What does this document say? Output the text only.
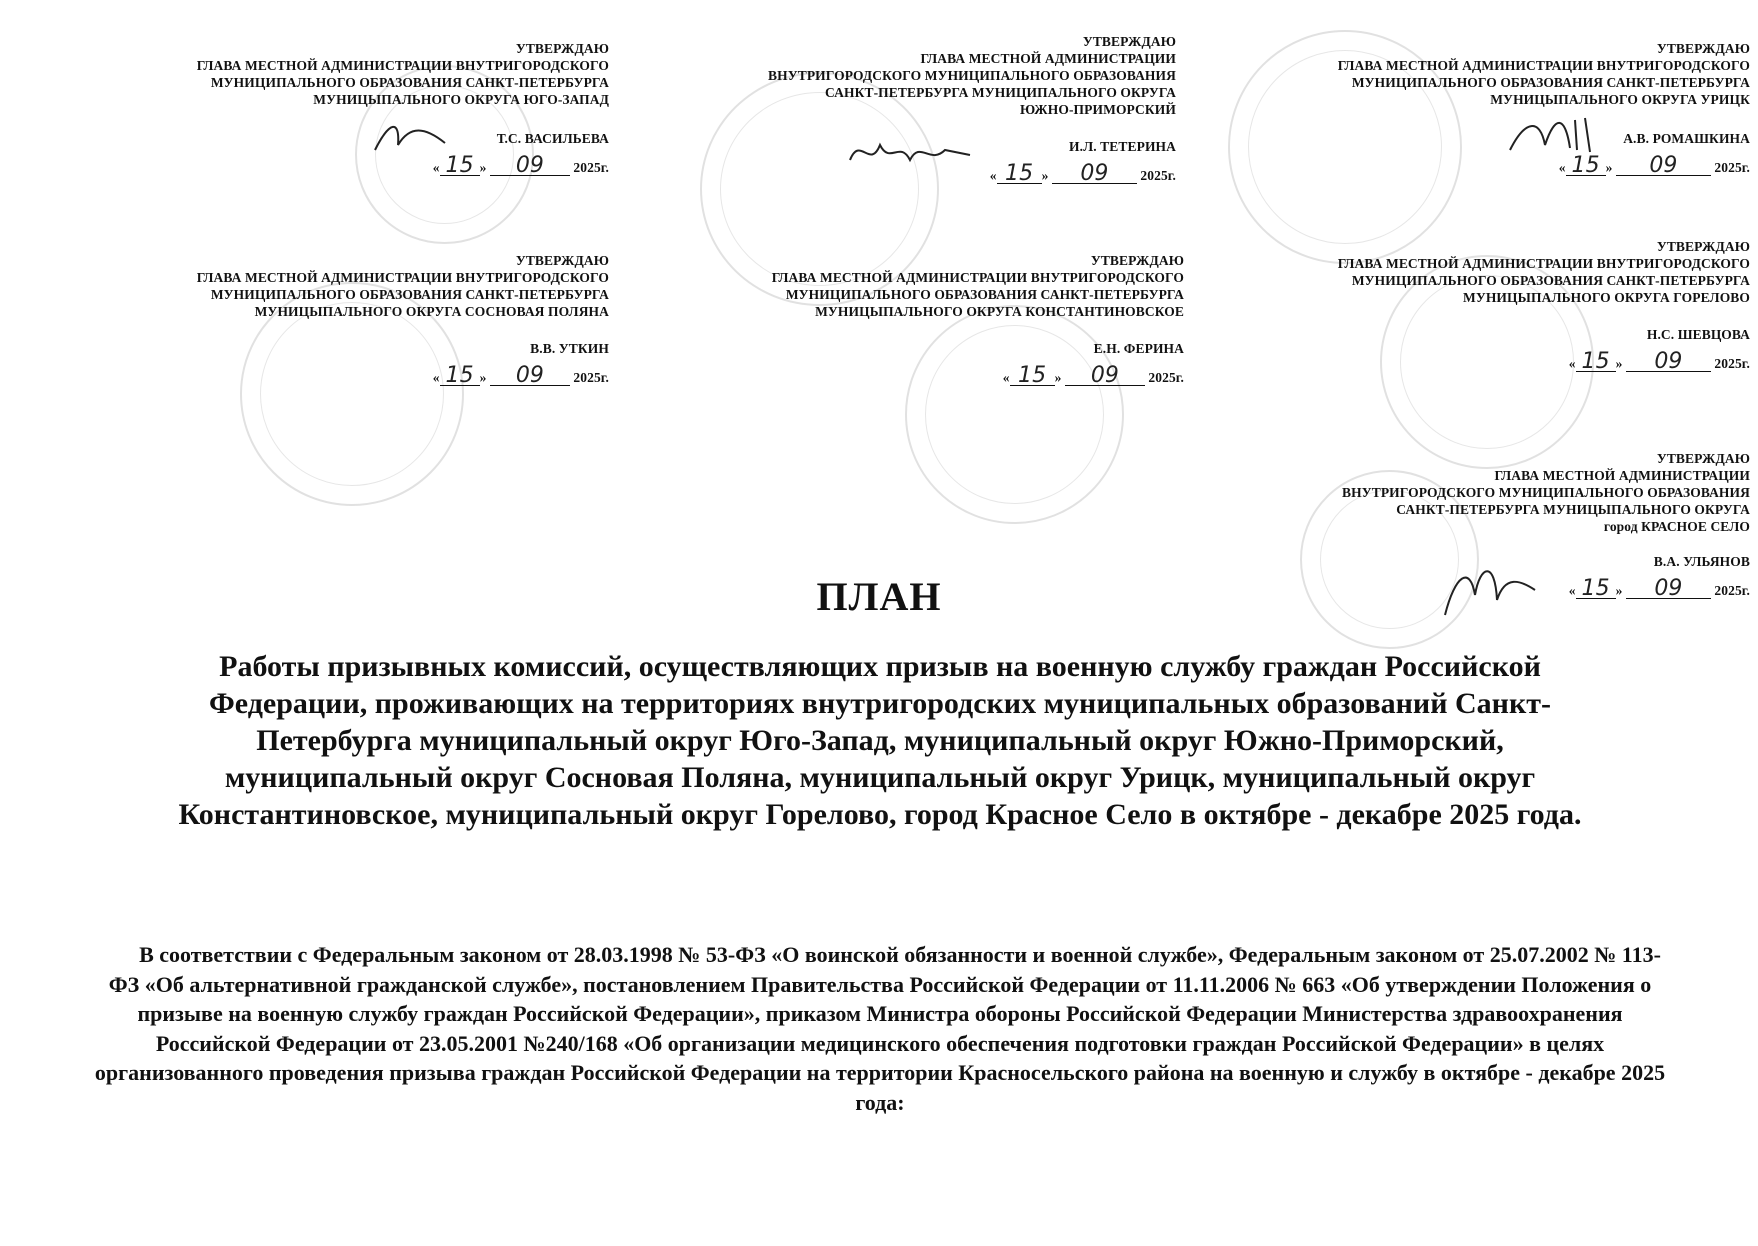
УТВЕРЖДАЮ
ГЛАВА МЕСТНОЙ АДМИНИСТРАЦИИ ВНУТРИГОРОДСКОГО
МУНИЦИПАЛЬНОГО ОБРАЗОВАНИЯ САНКТ-ПЕТЕРБУРГА
МУНИЦЫПАЛЬНОГО ОКРУГА ЮГО-ЗАПАД
Т.С. ВАСИЛЬЕВА
« 15 » 09 2025г.
УТВЕРЖДАЮ
ГЛАВА МЕСТНОЙ АДМИНИСТРАЦИИ
ВНУТРИГОРОДСКОГО МУНИЦИПАЛЬНОГО ОБРАЗОВАНИЯ
САНКТ-ПЕТЕРБУРГА МУНИЦИПАЛЬНОГО ОКРУГА
ЮЖНО-ПРИМОРСКИЙ
И.Л. ТЕТЕРИНА
« 15 » 09 2025г.
УТВЕРЖДАЮ
ГЛАВА МЕСТНОЙ АДМИНИСТРАЦИИ ВНУТРИГОРОДСКОГО
МУНИЦИПАЛЬНОГО ОБРАЗОВАНИЯ САНКТ-ПЕТЕРБУРГА
МУНИЦЫПАЛЬНОГО ОКРУГА УРИЦК
А.В. РОМАШКИНА
« 15 » 09	2025г.
УТВЕРЖДАЮ
ГЛАВА МЕСТНОЙ АДМИНИСТРАЦИИ ВНУТРИГОРОДСКОГО
МУНИЦИПАЛЬНОГО ОБРАЗОВАНИЯ САНКТ-ПЕТЕРБУРГА
МУНИЦЫПАЛЬНОГО ОКРУГА СОСНОВАЯ ПОЛЯНА
В.В. УТКИН
« 15 » 09 2025г.
УТВЕРЖДАЮ
ГЛАВА МЕСТНОЙ АДМИНИСТРАЦИИ ВНУТРИГОРОДСКОГО
МУНИЦИПАЛЬНОГО ОБРАЗОВАНИЯ САНКТ-ПЕТЕРБУРГА
МУНИЦЫПАЛЬНОГО ОКРУГА КОНСТАНТИНОВСКОЕ
Е.Н. ФЕРИНА
« 15 » 09 2025г.
УТВЕРЖДАЮ
ГЛАВА МЕСТНОЙ АДМИНИСТРАЦИИ ВНУТРИГОРОДСКОГО
МУНИЦИПАЛЬНОГО ОБРАЗОВАНИЯ САНКТ-ПЕТЕРБУРГА
МУНИЦЫПАЛЬНОГО ОКРУГА ГОРЕЛОВО
Н.С. ШЕВЦОВА
« 15 » 09 2025г.
УТВЕРЖДАЮ
ГЛАВА МЕСТНОЙ АДМИНИСТРАЦИИ
ВНУТРИГОРОДСКОГО МУНИЦИПАЛЬНОГО ОБРАЗОВАНИЯ
САНКТ-ПЕТЕРБУРГА МУНИЦЫПАЛЬНОГО ОКРУГА
город КРАСНОЕ СЕЛО
В.А. УЛЬЯНОВ
« 15 » 09 2025г.
ПЛАН
Работы призывных комиссий, осуществляющих призыв на военную службу граждан Российской Федерации, проживающих на территориях внутригородских муниципальных образований Санкт-Петербурга муниципальный округ Юго-Запад, муниципальный округ Южно-Приморский, муниципальный округ Сосновая Поляна, муниципальный округ Урицк, муниципальный округ Константиновское, муниципальный округ Горелово, город Красное Село в октябре - декабре 2025 года.
В соответствии с Федеральным законом от 28.03.1998 № 53-ФЗ «О воинской обязанности и военной службе», Федеральным законом от 25.07.2002 № 113-ФЗ «Об альтернативной гражданской службе», постановлением Правительства Российской Федерации от 11.11.2006 № 663 «Об утверждении Положения о призыве на военную службу граждан Российской Федерации», приказом Министра обороны Российской Федерации Министерства здравоохранения Российской Федерации от 23.05.2001 №240/168 «Об организации медицинского обеспечения подготовки граждан Российской Федерации» в целях организованного проведения призыва граждан Российской Федерации на территории Красносельского района на военную и службу в октябре - декабре 2025 года:
